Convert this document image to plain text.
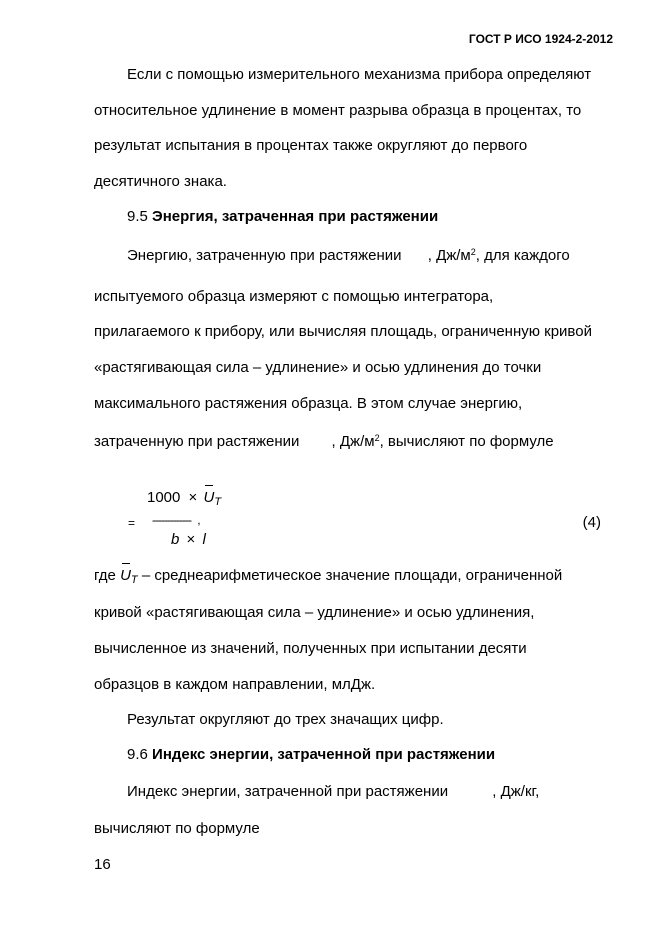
ГОСТ Р ИСО 1924-2-2012
Если с помощью измерительного механизма прибора определяют
относительное удлинение в момент разрыва образца в процентах, то
результат испытания в процентах также округляют до первого
десятичного знака.
9.5 Энергия, затраченная при растяжении
Энергию, затраченную при растяжении , $Дж/м^2$, для каждого
испытуемого образца измеряют с помощью интегратора,
прилагаемого к прибору, или вычисляя площадь, ограниченную кривой
«растягивающая сила – удлинение» и осью удлинения до точки
максимального растяжения образца. В этом случае энергию,
затраченную при растяжении , $Дж/м^2$, вычисляют по формуле
$1000 \times U_T$
= ------------- ,
b × l
(4)
где $U_T$ – среднеарифметическое значение площади, ограниченной
кривой «растягивающая сила – удлинение» и осью удлинения,
вычисленное из значений, полученных при испытании десяти
образцов в каждом направлении, млДж.
Результат округляют до трех значащих цифр.
9.6 Индекс энергии, затраченной при растяжении
Индекс энергии, затраченной при растяжении	, Дж/кг,
вычисляют по формуле
16
